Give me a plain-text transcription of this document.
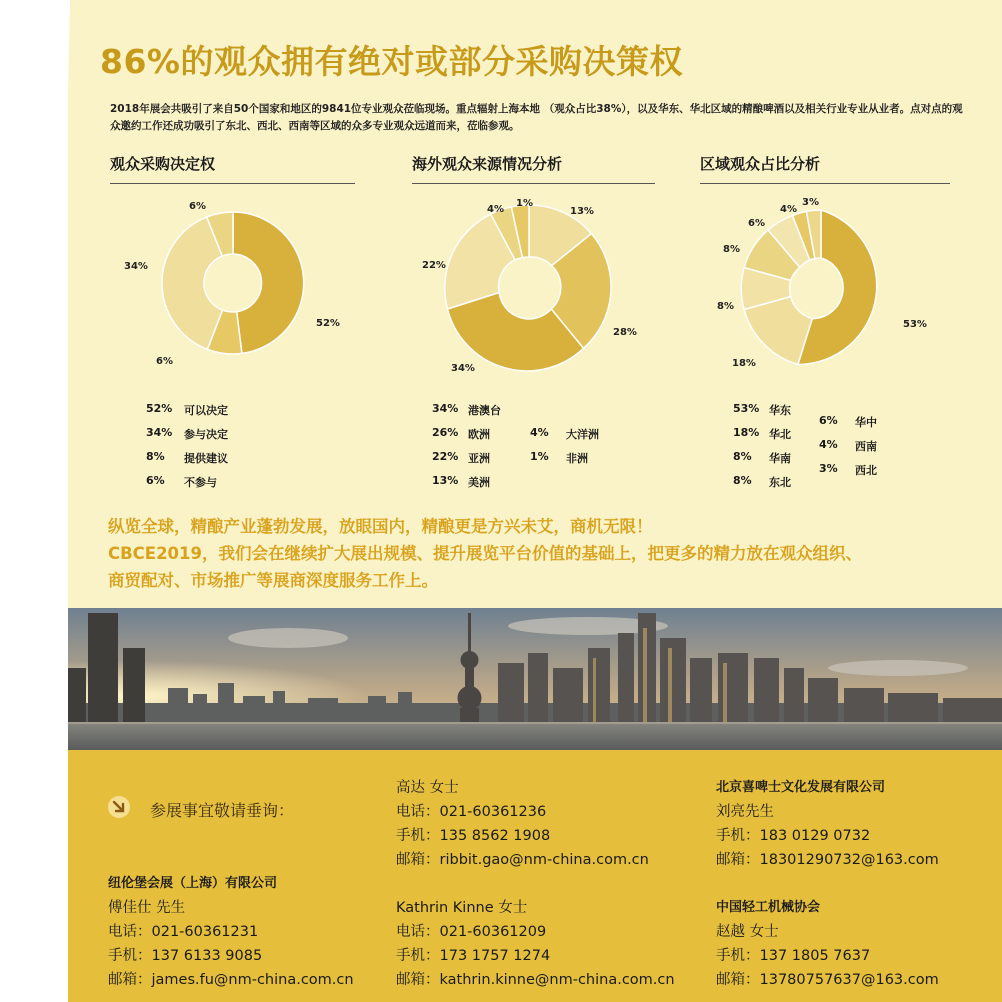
86%的观众拥有绝对或部分采购决策权
2018年展会共吸引了来自50个国家和地区的9841位专业观众莅临现场。重点辐射上海本地 （观众占比38%），以及华东、华北区域的精酿啤酒以及相关行业专业从业者。点对点的观众邀约工作还成功吸引了东北、西北、西南等区域的众多专业观众远道而来，莅临参观。
观众采购决定权	海外观众来源情况分析	区域观众占比分析
52%
6%
34%
6%	13%
28%
34%
22%
4%
1%
53%
18%
8%
8%
6%
4%
3%
52% 可以决定
34% 参与决定
8% 提供建议
6% 不参与
34% 港澳台
26% 欧洲
22% 亚洲
13% 美洲
4% 大洋洲
1% 非洲
53% 华东
18% 华北
8% 华南
8% 东北
6% 华中
4% 西南
3% 西北
纵览全球，精酿产业蓬勃发展，放眼国内，精酿更是方兴未艾，商机无限！
CBCE2019，我们会在继续扩大展出规模、提升展览平台价值的基础上，把更多的精力放在观众组织、
商贸配对、市场推广等展商深度服务工作上。
参展事宜敬请垂询：
纽伦堡会展（上海）有限公司
傅佳仕 先生
电话：021-60361231
手机：137 6133 9085
邮箱：james.fu@nm-china.com.cn
高达 女士
电话：021-60361236
手机：135 8562 1908
邮箱：ribbit.gao@nm-china.com.cn
Kathrin Kinne 女士
电话：021-60361209
手机：173 1757 1274
邮箱：kathrin.kinne@nm-china.com.cn
北京喜啤士文化发展有限公司
刘亮先生
手机：183 0129 0732
邮箱：18301290732@163.com
中国轻工机械协会
赵越 女士
手机：137 1805 7637
邮箱：13780757637@163.com
